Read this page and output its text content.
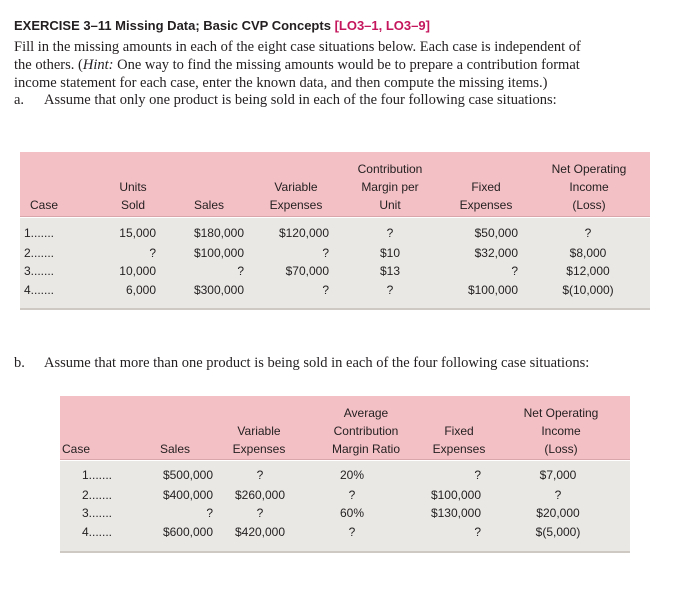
EXERCISE 3–11 Missing Data; Basic CVP Concepts [LO3–1, LO3–9]

Fill in the missing amounts in each of the eight case situations below. Each case is independent of

the others. (Hint: One way to find the missing amounts would be to prepare a contribution format

income statement for each case, enter the known data, and then compute the missing items.)

a. Assume that only one product is being sold in each of the four following case situations:
Case
Units
Sold	Sales
Variable
Expenses
Contribution
Margin per
Unit
Fixed
Expenses
Net Operating
Income
(Loss)
1.......	15,000	$180,000	$120,000	?	$50,000	?
2.......	?	$100,000	?	$10	$32,000	$8,000
3.......	10,000	?	$70,000	$13	?	$12,000
4.......	6,000	$300,000	?	?	$100,000	$(10,000)
b. Assume that more than one product is being sold in each of the four following case situations:
Case	Sales
Variable
Expenses
Average
Contribution
Margin Ratio
Fixed
Expenses
Net Operating
Income
(Loss)
1.......	$500,000	?	20%	?	$7,000
2.......	$400,000 $260,000	?	$100,000	?
3.......	?	?	60%	$130,000	$20,000
4.......	$600,000 $420,000	?	?	$(5,000)
